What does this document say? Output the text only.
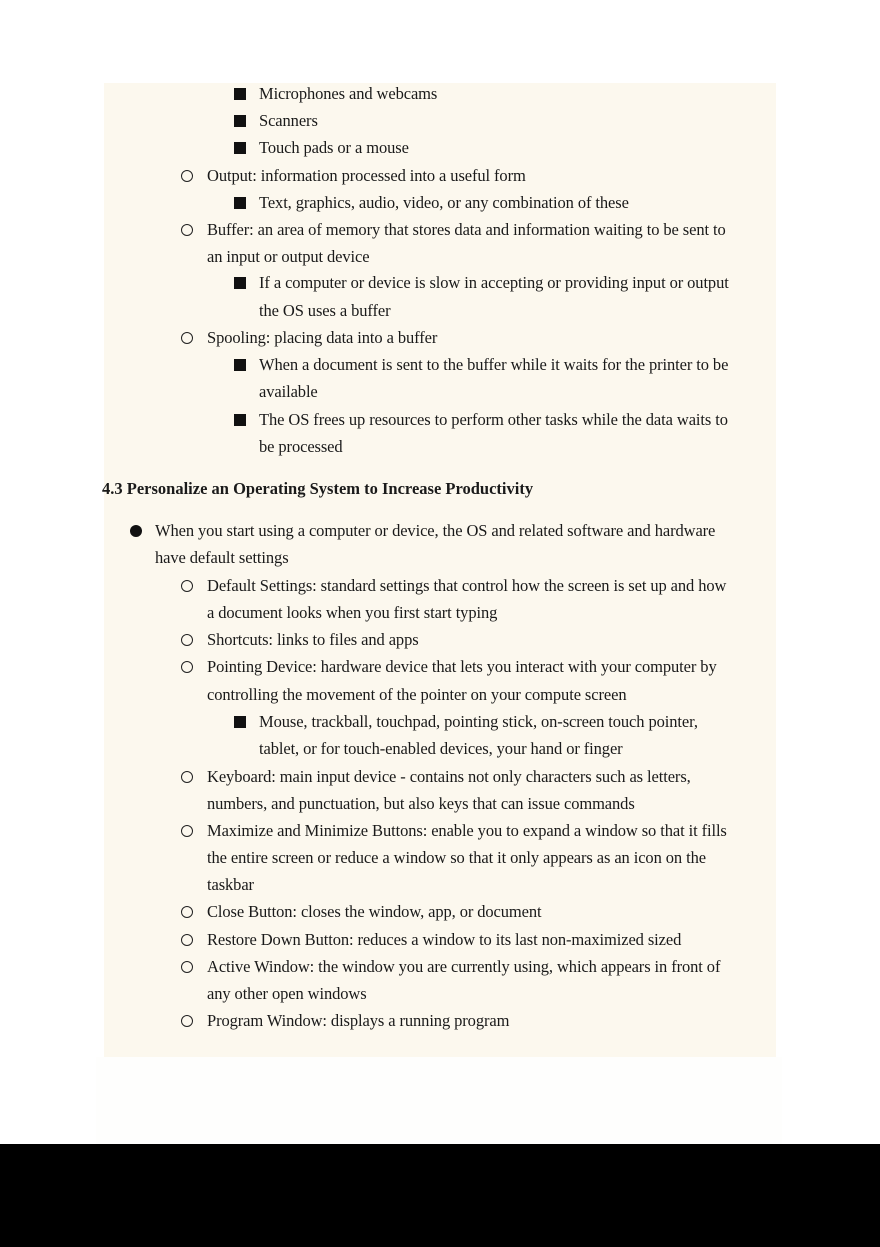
Microphones and webcams
Scanners
Touch pads or a mouse
Output: information processed into a useful form
Text, graphics, audio, video, or any combination of these
Buffer: an area of memory that stores data and information waiting to be sent to
an input or output device
If a computer or device is slow in accepting or providing input or output
the OS uses a buffer
Spooling: placing data into a buffer
When a document is sent to the buffer while it waits for the printer to be
available
The OS frees up resources to perform other tasks while the data waits to
be processed
When you start using a computer or device, the OS and related software and hardware
have default settings
Default Settings: standard settings that control how the screen is set up and how
a document looks when you first start typing
Shortcuts: links to files and apps
Pointing Device: hardware device that lets you interact with your computer by
controlling the movement of the pointer on your compute screen
Mouse, trackball, touchpad, pointing stick, on-screen touch pointer,
tablet, or for touch-enabled devices, your hand or finger
Keyboard: main input device - contains not only characters such as letters,
numbers, and punctuation, but also keys that can issue commands
Maximize and Minimize Buttons: enable you to expand a window so that it fills
the entire screen or reduce a window so that it only appears as an icon on the
taskbar
Close Button: closes the window, app, or document
Restore Down Button: reduces a window to its last non-maximized sized
Active Window: the window you are currently using, which appears in front of
any other open windows
Program Window: displays a running program
4.3 Personalize an Operating System to Increase Productivity
